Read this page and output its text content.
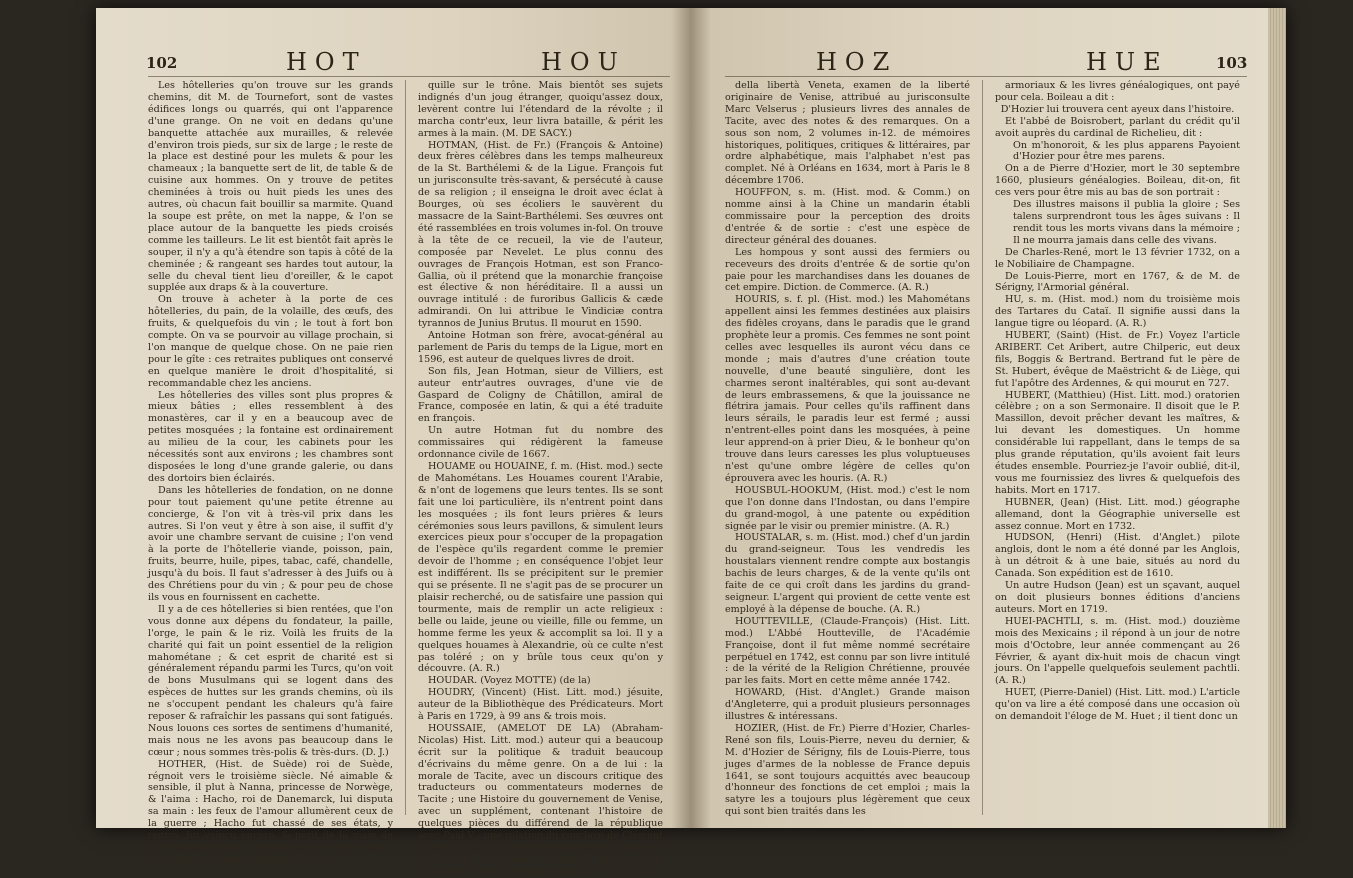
102	HOT	HOU

Les hôtelleries qu'on trouve sur les grands chemins, dit M. de Tournefort, sont de vastes édifices longs ou quarrés, qui ont l'apparence d'une grange. On ne voit en dedans qu'une banquette attachée aux murailles, & relevée d'environ trois pieds, sur six de large ; le reste de la place est destiné pour les mulets & pour les chameaux ; la banquette sert de lit, de table & de cuisine aux hommes. On y trouve de petites cheminées à trois ou huit pieds les unes des autres, où chacun fait bouillir sa marmite. Quand la soupe est prête, on met la nappe, & l'on se place autour de la banquette les pieds croisés comme les tailleurs. Le lit est bientôt fait après le souper, il n'y a qu'à étendre son tapis à côté de la cheminée ; & rangeant ses hardes tout autour, la selle du cheval tient lieu d'oreiller, & le capot supplée aux draps & à la couverture.

On trouve à acheter à la porte de ces hôtelleries, du pain, de la volaille, des œufs, des fruits, & quelquefois du vin ; le tout à fort bon compte. On va se pourvoir au village prochain, si l'on manque de quelque chose. On ne paie rien pour le gîte : ces retraites publiques ont conservé en quelque manière le droit d'hospitalité, si recommandable chez les anciens.

Les hôtelleries des villes sont plus propres & mieux bâties ; elles ressemblent à des monastères, car il y en a beaucoup avec de petites mosquées ; la fontaine est ordinairement au milieu de la cour, les cabinets pour les nécessités sont aux environs ; les chambres sont disposées le long d'une grande galerie, ou dans des dortoirs bien éclairés.

Dans les hôtelleries de fondation, on ne donne pour tout paiement qu'une petite étrenne au concierge, & l'on vit à très-vil prix dans les autres. Si l'on veut y être à son aise, il suffit d'y avoir une chambre servant de cuisine ; l'on vend à la porte de l'hôtellerie viande, poisson, pain, fruits, beurre, huile, pipes, tabac, café, chandelle, jusqu'à du bois. Il faut s'adresser à des Juifs ou à des Chrétiens pour du vin ; & pour peu de chose ils vous en fournissent en cachette.

Il y a de ces hôtelleries si bien rentées, que l'on vous donne aux dépens du fondateur, la paille, l'orge, le pain & le riz. Voilà les fruits de la charité qui fait un point essentiel de la religion mahométane ; & cet esprit de charité est si généralement répandu parmi les Turcs, qu'on voit de bons Musulmans qui se logent dans des espèces de huttes sur les grands chemins, où ils ne s'occupent pendant les chaleurs qu'à faire reposer & rafraîchir les passans qui sont fatigués. Nous louons ces sortes de sentimens d'humanité, mais nous ne les avons pas beaucoup dans le cœur ; nous sommes très-polis & très-durs. (D. J.)

HOTHER, (Hist. de Suède) roi de Suède, régnoit vers le troisième siècle. Né aimable & sensible, il plut à Nanna, princesse de Norwège, & l'aima : Hacho, roi de Danemarck, lui disputa sa main : les feux de l'amour allumèrent ceux de la guerre ; Hacho fut chassé de ses états, y rentra, fut vaincu encore, & périt de la main de son heureux rival ; Fridlef eut le même sort : l'usurpateur demeura long-temps tran-

quille sur le trône. Mais bientôt ses sujets indignés d'un joug étranger, quoiqu'assez doux, levèrent contre lui l'étendard de la révolte ; il marcha contr'eux, leur livra bataille, & périt les armes à la main. (M. DE SACY.)

HOTMAN, (Hist. de Fr.) (François & Antoine) deux frères célèbres dans les temps malheureux de la St. Barthélemi & de la Ligue. François fut un jurisconsulte très-savant, & persécuté à cause de sa religion ; il enseigna le droit avec éclat à Bourges, où ses écoliers le sauvèrent du massacre de la Saint-Barthélemi. Ses œuvres ont été rassemblées en trois volumes in-fol. On trouve à la tête de ce recueil, la vie de l'auteur, composée par Nevelet. Le plus connu des ouvrages de François Hotman, est son Franco-Gallia, où il prétend que la monarchie françoise est élective & non héréditaire. Il a aussi un ouvrage intitulé : de furoribus Gallicis & cæde admirandi. On lui attribue le Vindiciæ contra tyrannos de Junius Brutus. Il mourut en 1590.

Antoine Hotman son frère, avocat-général au parlement de Paris du temps de la Ligue, mort en 1596, est auteur de quelques livres de droit.

Son fils, Jean Hotman, sieur de Villiers, est auteur entr'autres ouvrages, d'une vie de Gaspard de Coligny de Châtillon, amiral de France, composée en latin, & qui a été traduite en françois.

Un autre Hotman fut du nombre des commissaires qui rédigèrent la fameuse ordonnance civile de 1667.

HOUAME ou HOUAINE, f. m. (Hist. mod.) secte de Mahométans. Les Houames courent l'Arabie, & n'ont de logemens que leurs tentes. Ils se sont fait une loi particulière, ils n'entrent point dans les mosquées ; ils font leurs prières & leurs cérémonies sous leurs pavillons, & simulent leurs exercices pieux pour s'occuper de la propagation de l'espèce qu'ils regardent comme le premier devoir de l'homme ; en conséquence l'objet leur est indifférent. Ils se précipitent sur le premier qui se présente. Il ne s'agit pas de se procurer un plaisir recherché, ou de satisfaire une passion qui tourmente, mais de remplir un acte religieux : belle ou laide, jeune ou vieille, fille ou femme, un homme ferme les yeux & accomplit sa loi. Il y a quelques houames à Alexandrie, où ce culte n'est pas toléré ; on y brûle tous ceux qu'on y découvre. (A. R.)

HOUDAR. (Voyez MOTTE) (de la)

HOUDRY, (Vincent) (Hist. Litt. mod.) jésuite, auteur de la Bibliothèque des Prédicateurs. Mort à Paris en 1729, à 99 ans & trois mois.

HOUSSAIE, (AMELOT DE LA) (Abraham-Nicolas) Hist. Litt. mod.) auteur qui a beaucoup écrit sur la politique & traduit beaucoup d'écrivains du même genre. On a de lui : la morale de Tacite, avec un discours critique des traducteurs ou commentateurs modernes de Tacite ; une Histoire du gouvernement de Venise, avec un supplément, contenant l'histoire de quelques pièces du différend de la république avec Paul V ; une relation du conclave de Clément X, en 1670. Il a traduit l'histoire du concile de Trente, de Fra-Paolo ; l'Homme de Cour de Balthasar Gracian, jésuite espagnol ; le Squittinio

HOZ	HUE	103

della libertà Veneta, examen de la liberté originaire de Venise, attribué au jurisconsulte Marc Velserus ; plusieurs livres des annales de Tacite, avec des notes & des remarques. On a sous son nom, 2 volumes in-12. de mémoires historiques, politiques, critiques & littéraires, par ordre alphabétique, mais l'alphabet n'est pas complet. Né à Orléans en 1634, mort à Paris le 8 décembre 1706.

HOUFFON, s. m. (Hist. mod. & Comm.) on nomme ainsi à la Chine un mandarin établi commissaire pour la perception des droits d'entrée & de sortie : c'est une espèce de directeur général des douanes.

Les hompous y sont aussi des fermiers ou receveurs des droits d'entrée & de sortie qu'on paie pour les marchandises dans les douanes de cet empire. Diction. de Commerce. (A. R.)

HOURIS, s. f. pl. (Hist. mod.) les Mahométans appellent ainsi les femmes destinées aux plaisirs des fidèles croyans, dans le paradis que le grand prophète leur a promis. Ces femmes ne sont point celles avec lesquelles ils auront vécu dans ce monde ; mais d'autres d'une création toute nouvelle, d'une beauté singulière, dont les charmes seront inaltérables, qui sont au-devant de leurs embrassemens, & que la jouissance ne flétrira jamais. Pour celles qu'ils raffinent dans leurs sérails, le paradis leur est fermé ; aussi n'entrent-elles point dans les mosquées, à peine leur apprend-on à prier Dieu, & le bonheur qu'on trouve dans leurs caresses les plus voluptueuses n'est qu'une ombre légère de celles qu'on éprouvera avec les houris. (A. R.)

HOUSBUL-HOOKUM, (Hist. mod.) c'est le nom que l'on donne dans l'Indostan, ou dans l'empire du grand-mogol, à une patente ou expédition signée par le visir ou premier ministre. (A. R.)

HOUSTALAR, s. m. (Hist. mod.) chef d'un jardin du grand-seigneur. Tous les vendredis les houstalars viennent rendre compte aux bostangis bachis de leurs charges, & de la vente qu'ils ont faite de ce qui croît dans les jardins du grand-seigneur. L'argent qui provient de cette vente est employé à la dépense de bouche. (A. R.)

HOUTTEVILLE, (Claude-François) (Hist. Litt. mod.) L'Abbé Houtteville, de l'Académie Françoise, dont il fut même nommé secrétaire perpétuel en 1742, est connu par son livre intitulé : de la vérité de la Religion Chrétienne, prouvée par les faits. Mort en cette même année 1742.

HOWARD, (Hist. d'Anglet.) Grande maison d'Angleterre, qui a produit plusieurs personnages illustres & intéressans.

HOZIER, (Hist. de Fr.) Pierre d'Hozier, Charles-René son fils, Louis-Pierre, neveu du dernier, & M. d'Hozier de Sérigny, fils de Louis-Pierre, tous juges d'armes de la noblesse de France depuis 1641, se sont toujours acquittés avec beaucoup d'honneur des fonctions de cet emploi ; mais la satyre les a toujours plus légèrement que ceux qui sont bien traités dans les

armoriaux & les livres généalogiques, ont payé pour cela. Boileau a dit :

D'Hozier lui trouvera cent ayeux dans l'histoire.

Et l'abbé de Boisrobert, parlant du crédit qu'il avoit auprès du cardinal de Richelieu, dit :

On m'honoroit, & les plus apparens Payoient d'Hozier pour être mes parens.

On a de Pierre d'Hozier, mort le 30 septembre 1660, plusieurs généalogies. Boileau, dit-on, fit ces vers pour être mis au bas de son portrait :

Des illustres maisons il publia la gloire ; Ses talens surprendront tous les âges suivans : Il rendit tous les morts vivans dans la mémoire ; Il ne mourra jamais dans celle des vivans.

De Charles-René, mort le 13 février 1732, on a le Nobiliaire de Champagne.

De Louis-Pierre, mort en 1767, & de M. de Sérigny, l'Armorial général.

HU, s. m. (Hist. mod.) nom du troisième mois des Tartares du Cataï. Il signifie aussi dans la langue tigre ou léopard. (A. R.)

HUBERT, (Saint) (Hist. de Fr.) Voyez l'article ARIBERT. Cet Aribert, autre Chilperic, eut deux fils, Boggis & Bertrand. Bertrand fut le père de St. Hubert, évêque de Maëstricht & de Liège, qui fut l'apôtre des Ardennes, & qui mourut en 727.

HUBERT, (Matthieu) (Hist. Litt. mod.) oratorien célèbre ; on a son Sermonaire. Il disoit que le P. Massillon, devoit prêcher devant les maîtres, & lui devant les domestiques. Un homme considérable lui rappellant, dans le temps de sa plus grande réputation, qu'ils avoient fait leurs études ensemble. Pourriez-je l'avoir oublié, dit-il, vous me fournissiez des livres & quelquefois des habits. Mort en 1717.

HUBNER, (Jean) (Hist. Litt. mod.) géographe allemand, dont la Géographie universelle est assez connue. Mort en 1732.

HUDSON, (Henri) (Hist. d'Anglet.) pilote anglois, dont le nom a été donné par les Anglois, à un détroit & à une baie, situés au nord du Canada. Son expédition est de 1610.

Un autre Hudson (Jean) est un sçavant, auquel on doit plusieurs bonnes éditions d'anciens auteurs. Mort en 1719.

HUEI-PACHTLI, s. m. (Hist. mod.) douzième mois des Mexicains ; il répond à un jour de notre mois d'Octobre, leur année commençant au 26 Février, & ayant dix-huit mois de chacun vingt jours. On l'appelle quelquefois seulement pachtli. (A. R.)

HUET, (Pierre-Daniel) (Hist. Litt. mod.) L'article qu'on va lire a été composé dans une occasion où on demandoit l'éloge de M. Huet ; il tient donc un
